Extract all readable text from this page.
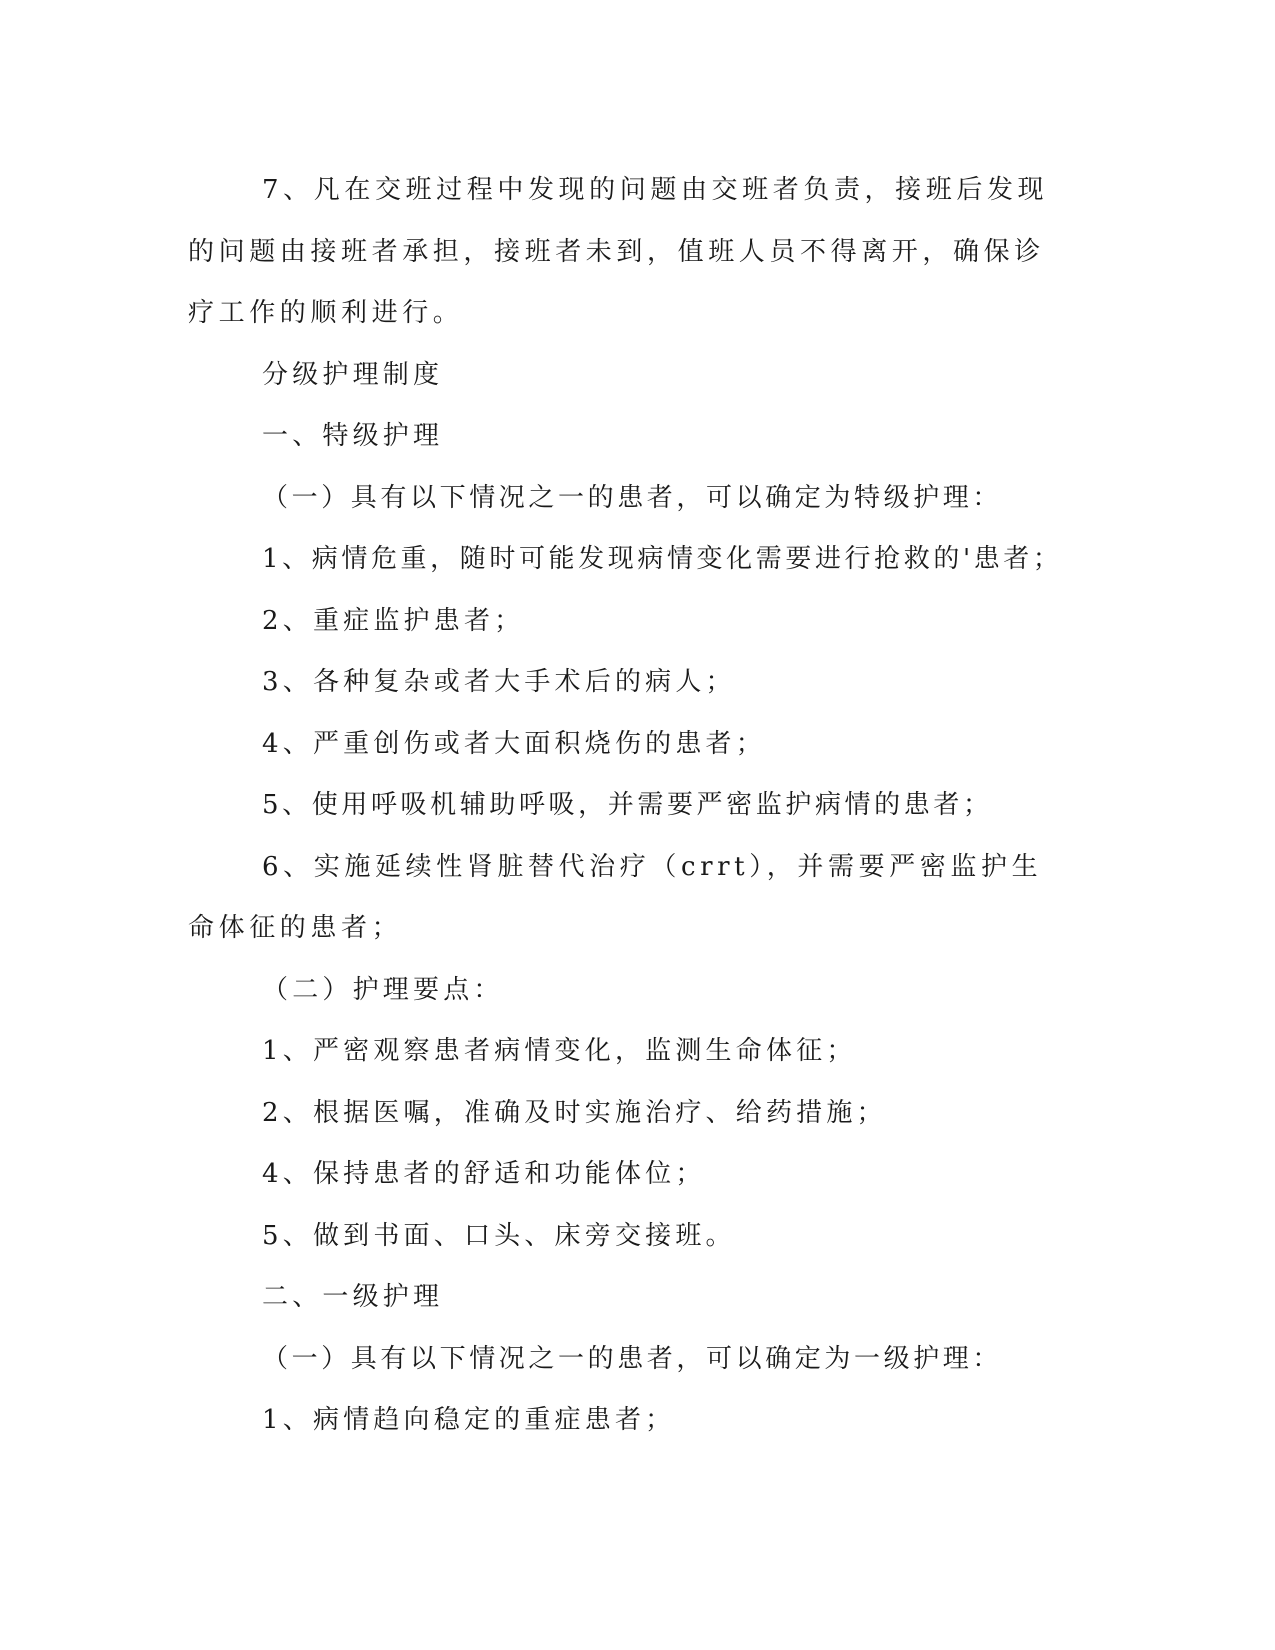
7、凡在交班过程中发现的问题由交班者负责，接班后发现的问题由接班者承担，接班者未到，值班人员不得离开，确保诊疗工作的顺利进行。

分级护理制度

一、特级护理

（一）具有以下情况之一的患者，可以确定为特级护理：

1、病情危重，随时可能发现病情变化需要进行抢救的'患者；

2、重症监护患者；

3、各种复杂或者大手术后的病人；

4、严重创伤或者大面积烧伤的患者；

5、使用呼吸机辅助呼吸，并需要严密监护病情的患者；

6、实施延续性肾脏替代治疗（crrt），并需要严密监护生命体征的患者；

（二）护理要点：

1、严密观察患者病情变化，监测生命体征；

2、根据医嘱，准确及时实施治疗、给药措施；

4、保持患者的舒适和功能体位；

5、做到书面、口头、床旁交接班。

二、一级护理

（一）具有以下情况之一的患者，可以确定为一级护理：

1、病情趋向稳定的重症患者；
